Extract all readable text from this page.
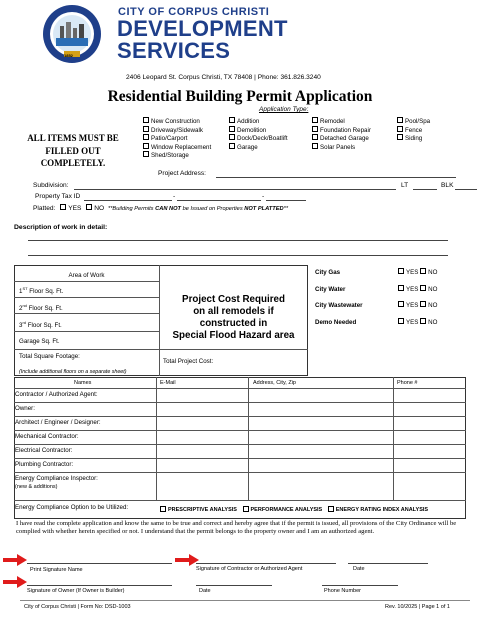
1852
CITY OF CORPUS CHRISTI
DEVELOPMENT
SERVICES
2406 Leopard St. Corpus Christi, TX 78408 | Phone: 361.826.3240
Residential Building Permit Application
Application Type:
ALL ITEMS MUST BE
FILLED OUT
COMPLETELY.
New Construction
Driveway/Sidewalk
Patio/Carport
Window Replacement
Shed/Storage
Addition
Demolition
Dock/Deck/Boatlift
Garage
Remodel
Foundation Repair
Detached Garage
Solar Panels
Pool/Spa
Fence
Siding
Project Address:
Subdivision:	LT	BLK
Property Tax ID	-	-
Platted: YES NO **Building Permits CAN NOT be Issued on Properties NOT PLATTED**
Description of work in detail:
Area of Work
1ST Floor Sq. Ft.
2nd Floor Sq. Ft.
3rd Floor Sq. Ft.
Garage Sq. Ft.
Total Square Footage:
(Include additional floors on a separate sheet)
Project Cost Required
on all remodels if
constructed in
Special Flood Hazard area
Total Project Cost:
City Gas	YES NO
City Water	YES NO
City Wastewater	YES NO
Demo Needed	YES NO
Names	E-Mail	Address, City, Zip	Phone #
Contractor / Authorized Agent:
Owner:
Architect / Engineer / Designer:
Mechanical Contractor:
Electrical Contractor:
Plumbing Contractor:
Energy Compliance Inspector:
(new & additions)
Energy Compliance Option to be Utilized:	PRESCRIPTIVE ANALYSIS PERFORMANCE ANALYSIS ENERGY RATING INDEX ANALYSIS
I have read the complete application and know the same to be true and correct and hereby agree that if the permit is issued, all provisions of the City Ordinance will be complied with whether herein specified or not. I understand that the permit belongs to the property owner and I am an authorized agent.
Print Signature Name	Signature of Contractor or Authorized Agent	Date
Signature of Owner (If Owner is Builder)	Date	Phone Number
City of Corpus Christi | Form No: DSD-1003	Rev. 10/2025 | Page 1 of 1
